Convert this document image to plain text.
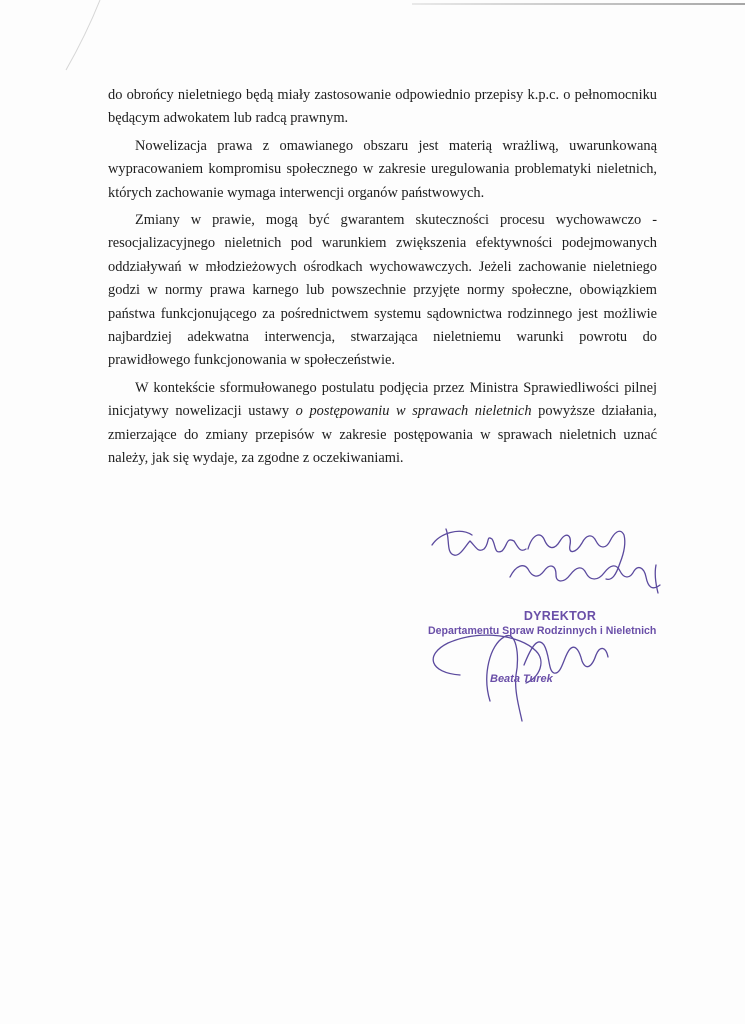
do obrońcy nieletniego będą miały zastosowanie odpowiednio przepisy k.p.c. o pełnomocniku będącym adwokatem lub radcą prawnym.

Nowelizacja prawa z omawianego obszaru jest materią wrażliwą, uwarunkowaną wypracowaniem kompromisu społecznego w zakresie uregulowania problematyki nieletnich, których zachowanie wymaga interwencji organów państwowych.

Zmiany w prawie, mogą być gwarantem skuteczności procesu wychowawczo - resocjalizacyjnego nieletnich pod warunkiem zwiększenia efektywności podejmowanych oddziaływań w młodzieżowych ośrodkach wychowawczych. Jeżeli zachowanie nieletniego godzi w normy prawa karnego lub powszechnie przyjęte normy społeczne, obowiązkiem państwa funkcjonującego za pośrednictwem systemu sądownictwa rodzinnego jest możliwie najbardziej adekwatna interwencja, stwarzająca nieletniemu warunki powrotu do prawidłowego funkcjonowania w społeczeństwie.

W kontekście sformułowanego postulatu podjęcia przez Ministra Sprawiedliwości pilnej inicjatywy nowelizacji ustawy o postępowaniu w sprawach nieletnich powyższe działania, zmierzające do zmiany przepisów w zakresie postępowania w sprawach nieletnich uznać należy, jak się wydaje, za zgodne z oczekiwaniami.

DYREKTOR
Departamentu Spraw Rodzinnych i Nieletnich
Beata Turek
